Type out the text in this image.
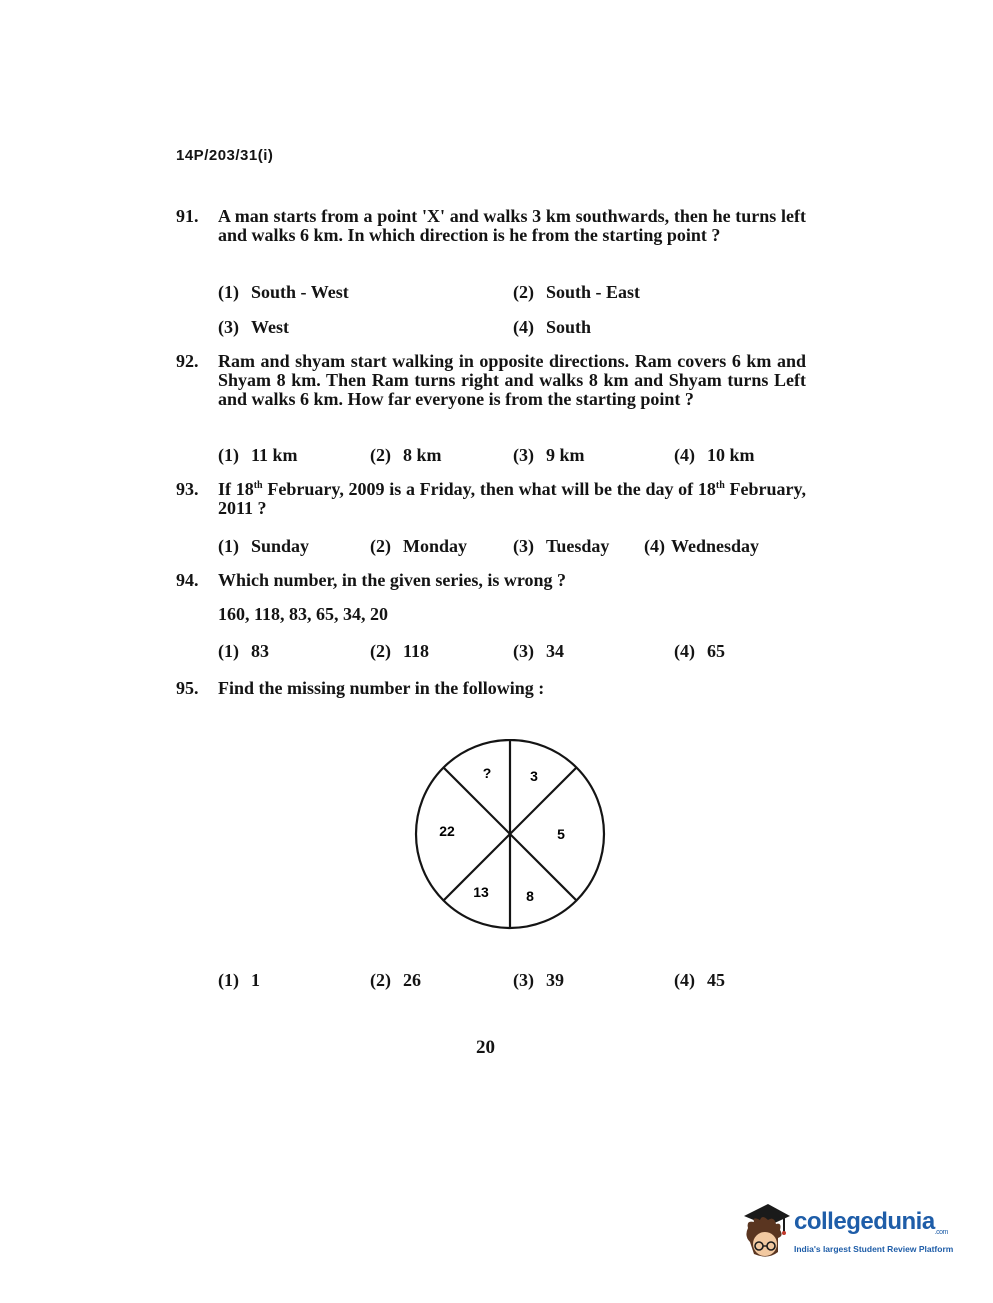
14P/203/31(i)
91. A man starts from a point 'X' and walks 3 km southwards, then he turns left and walks 6 km. In which direction is he from the starting point ?
(1) South - West	(2) South - East
(3) West	(4) South
92. Ram and shyam start walking in opposite directions. Ram covers 6 km and Shyam 8 km. Then Ram turns right and walks 8 km and Shyam turns Left and walks 6 km. How far everyone is from the starting point ?
(1) 11 km	(2) 8 km	(3) 9 km	(4) 10 km
93. If 18th February, 2009 is a Friday, then what will be the day of 18th February, 2011 ?
(1) Sunday	(2) Monday	(3) Tuesday (4) Wednesday
94. Which number, in the given series, is wrong ?
160, 118, 83, 65, 34, 20
(1) 83	(2) 118	(3) 34	(4) 65
95. Find the missing number in the following :
?	3
5
8
13
22
(1) 1	(2) 26	(3) 39	(4) 45
20
collegedunia.com
India's largest Student Review Platform
